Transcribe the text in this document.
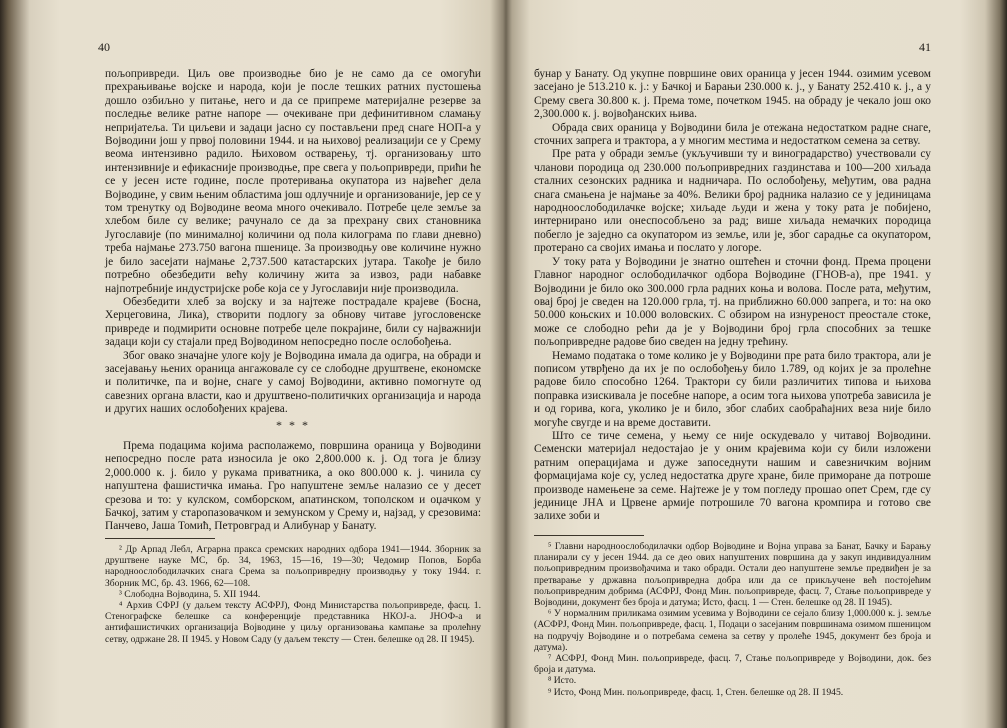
40

пољопривреди. Циљ ове производње био је не само да се омогући прехрањивање војске и народа, који је после тешких ратних пустошења дошло озбиљно у питање, него и да се припреме материјалне резерве за последње велике ратне напоре — очекиване при дефинитивном сламању непријатеља. Ти циљеви и задаци јасно су постављени пред снаге НОП-а у Војводини још у првој половини 1944. и на њиховој реализацији се у Срему веома интензивно радило. Њиховом остварењу, тј. организовању што интензивније и ефикасније производње, пре свега у пољопривреди, прићи ће се у јесен исте године, после протеривања окупатора из највећег дела Војводине, у свим њеним областима још одлучније и организованије, јер се у том тренутку од Војводине веома много очекивало. Потребе целе земље за хлебом биле су велике; рачунало се да за прехрану свих становника Југославије (по минималној количини од пола килограма по глави дневно) треба најмање 273.750 вагона пшенице. За производњу ове количине нужно је било засејати најмање 2,737.500 катастарских јутара. Такође је било потребно обезбедити већу количину жита за извоз, ради набавке најпотребније индустријске робе која се у Југославији није производила.

Обезбедити хлеб за војску и за најтеже пострадале крајеве (Босна, Херцеговина, Лика), створити подлогу за обнову читаве југословенске привреде и подмирити основне потребе целе покрајине, били су најважнији задаци који су стајали пред Војводином непосредно после ослобођења.

Због овако значајне улоге коју је Војводина имала да одигра, на обради и засејавању њених ораница ангажовале су се слободне друштвене, економске и политичке, па и војне, снаге у самој Војводини, активно помогнуте од савезних органа власти, као и друштвено-политичких организација и народа и других наших ослобођених крајева.

* * *

Према подацима којима располажемо, површина ораница у Војводини непосредно после рата износила је око 2,800.000 к. ј. Од тога је близу 2,000.000 к. ј. било у рукама приватника, а око 800.000 к. ј. чинила су напуштена фашистичка имања. Гро напуштене земље налазио се у десет срезова и то: у кулском, сомборском, апатинском, тополском и оџачком у Бачкој, затим у старопазовачком и земунском у Срему и, најзад, у срезовима: Панчево, Јаша Томић, Петровград и Алибунар у Банату.

² Др Арпад Лебл, Аграрна пракса сремских народних одбора 1941—1944. Зборник за друштвене науке МС, бр. 34, 1963, 15—16, 19—30; Чедомир Попов, Борба народноослободилачких снага Срема за пољопривредну производњу у току 1944. г. Зборник МС, бр. 43. 1966, 62—108.

³ Слободна Војводина, 5. XII 1944.

⁴ Архив СФРЈ (у даљем тексту АСФРЈ), Фонд Министарства пољопривреде, фасц. 1. Стенографске белешке са конференције представника НКОЈ-а. ЈНОФ-а и антифашистичких организација Војводине у циљу организовања кампање за пролећну сетву, одржане 28. II 1945. у Новом Саду (у даљем тексту — Стен. белешке од 28. II 1945).

41

бунар у Банату. Од укупне површине ових ораница у јесен 1944. озимим усевом засејано је 513.210 к. ј.: у Бачкој и Барањи 230.000 к. ј., у Банату 252.410 к. ј., а у Срему свега 30.800 к. ј. Према томе, почетком 1945. на обраду је чекало још око 2,300.000 к. ј. војвођанских њива.

Обрада свих ораница у Војводини била је отежана недостатком радне снаге, сточних запрега и трактора, а у многим местима и недостатком семена за сетву.

Пре рата у обради земље (укључивши ту и виноградарство) учествовали су чланови породица од 230.000 пољопривредних газдинстава и 100—200 хиљада сталних сезонских радника и надничара. По ослобођењу, међутим, ова радна снага смањена је најмање за 40%. Велики број радника налазио се у јединицама народноослободилачке војске; хиљаде људи и жена у току рата је побијено, интернирано или онеспособљено за рад; више хиљада немачких породица побегло је заједно са окупатором из земље, или је, због сарадње са окупатором, протерано са својих имања и послато у логоре.

У току рата у Војводини је знатно оштећен и сточни фонд. Према процени Главног народног ослободилачког одбора Војводине (ГНОВ-а), пре 1941. у Војводини је било око 300.000 грла радних коња и волова. После рата, међутим, овај број је сведен на 120.000 грла, тј. на приближно 60.000 запрега, и то: на око 50.000 коњских и 10.000 воловских. С обзиром на изнуреност преостале стоке, може се слободно рећи да је у Војводини број грла способних за тешке пољопривредне радове био сведен на једну трећину.

Немамо података о томе колико је у Војводини пре рата било трактора, али је пописом утврђено да их је по ослобођењу било 1.789, од којих је за пролећне радове било способно 1264. Трактори су били различитих типова и њихова поправка изискивала је посебне напоре, а осим тога њихова употреба зависила је и од горива, кога, уколико је и било, због слабих саобраћајних веза није било могуће свугде и на време доставити.

Што се тиче семена, у њему се није оскудевало у читавој Војводини. Семенски материјал недостајао је у оним крајевима који су били изложени ратним операцијама и дуже запоседнути нашим и савезничким војним формацијама које су, услед недостатка друге хране, биле приморане да потроше производе намењене за семе. Најтеже је у том погледу прошао опет Срем, где су јединице ЈНА и Црвене армије потрошиле 70 вагона кромпира и готово све залихе зоби и

⁵ Главни народноослободилачки одбор Војводине и Војна управа за Банат, Бачку и Барању планирали су у јесен 1944. да се део ових напуштених површина да у закуп индивидуалним пољопривредним произвођачима и тако обради. Остали део напуштене земље предвиђен је за претварање у државна пољопривредна добра или да се прикључене већ постојећим пољопривредним добрима (АСФРЈ, Фонд Мин. пољопривреде, фасц. 7, Стање пољопривреде у Војводини, документ без броја и датума; Исто, фасц. 1 — Стен. белешке од 28. II 1945).

⁶ У нормалним приликама озимим усевима у Војводини се сејало близу 1,000.000 к. ј. земље (АСФРЈ, Фонд Мин. пољопривреде, фасц. 1, Подаци о засејаним површинама озимом пшеницом на подручју Војводине и о потребама семена за сетву у пролеће 1945, документ без броја и датума).

⁷ АСФРЈ, Фонд Мин. пољопривреде, фасц. 7, Стање пољопривреде у Војводини, док. без броја и датума.

⁸ Исто.

⁹ Исто, Фонд Мин. пољопривреде, фасц. 1, Стен. белешке од 28. II 1945.
